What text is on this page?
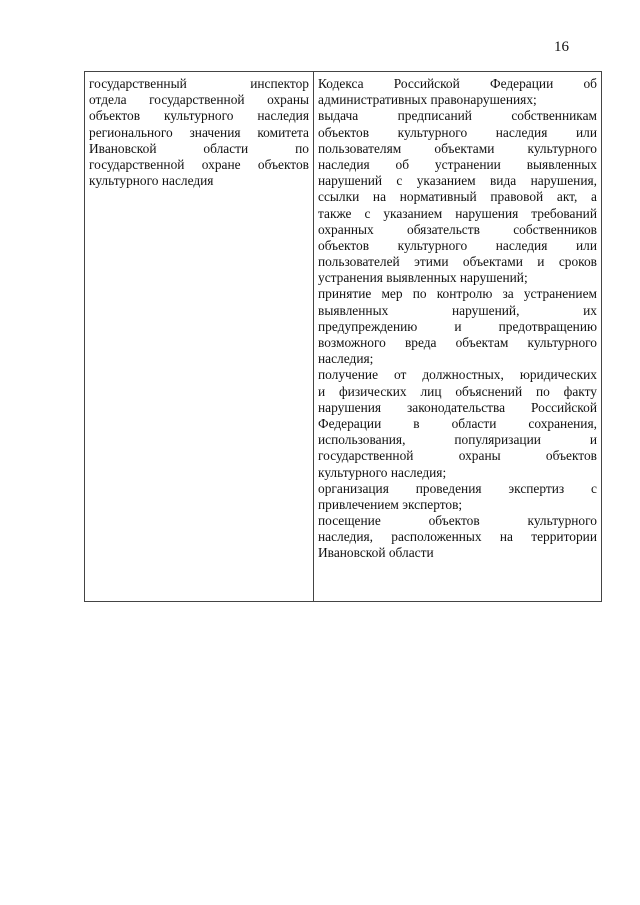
16
государственный инспектор
отдела государственной охраны
объектов культурного наследия
регионального значения комитета
Ивановской области по
государственной охране объектов
культурного наследия
Кодекса Российской Федерации об
административных правонарушениях;
выдача предписаний собственникам
объектов культурного наследия или
пользователям объектами культурного
наследия об устранении выявленных
нарушений с указанием вида нарушения,
ссылки на нормативный правовой акт, а
также с указанием нарушения требований
охранных обязательств собственников
объектов культурного наследия или
пользователей этими объектами и сроков
устранения выявленных нарушений;
принятие мер по контролю за устранением
выявленных нарушений, их
предупреждению и предотвращению
возможного вреда объектам культурного
наследия;
получение от должностных, юридических
и физических лиц объяснений по факту
нарушения законодательства Российской
Федерации в области сохранения,
использования, популяризации и
государственной охраны объектов
культурного наследия;
организация проведения экспертиз с
привлечением экспертов;
посещение объектов культурного
наследия, расположенных на территории
Ивановской области
